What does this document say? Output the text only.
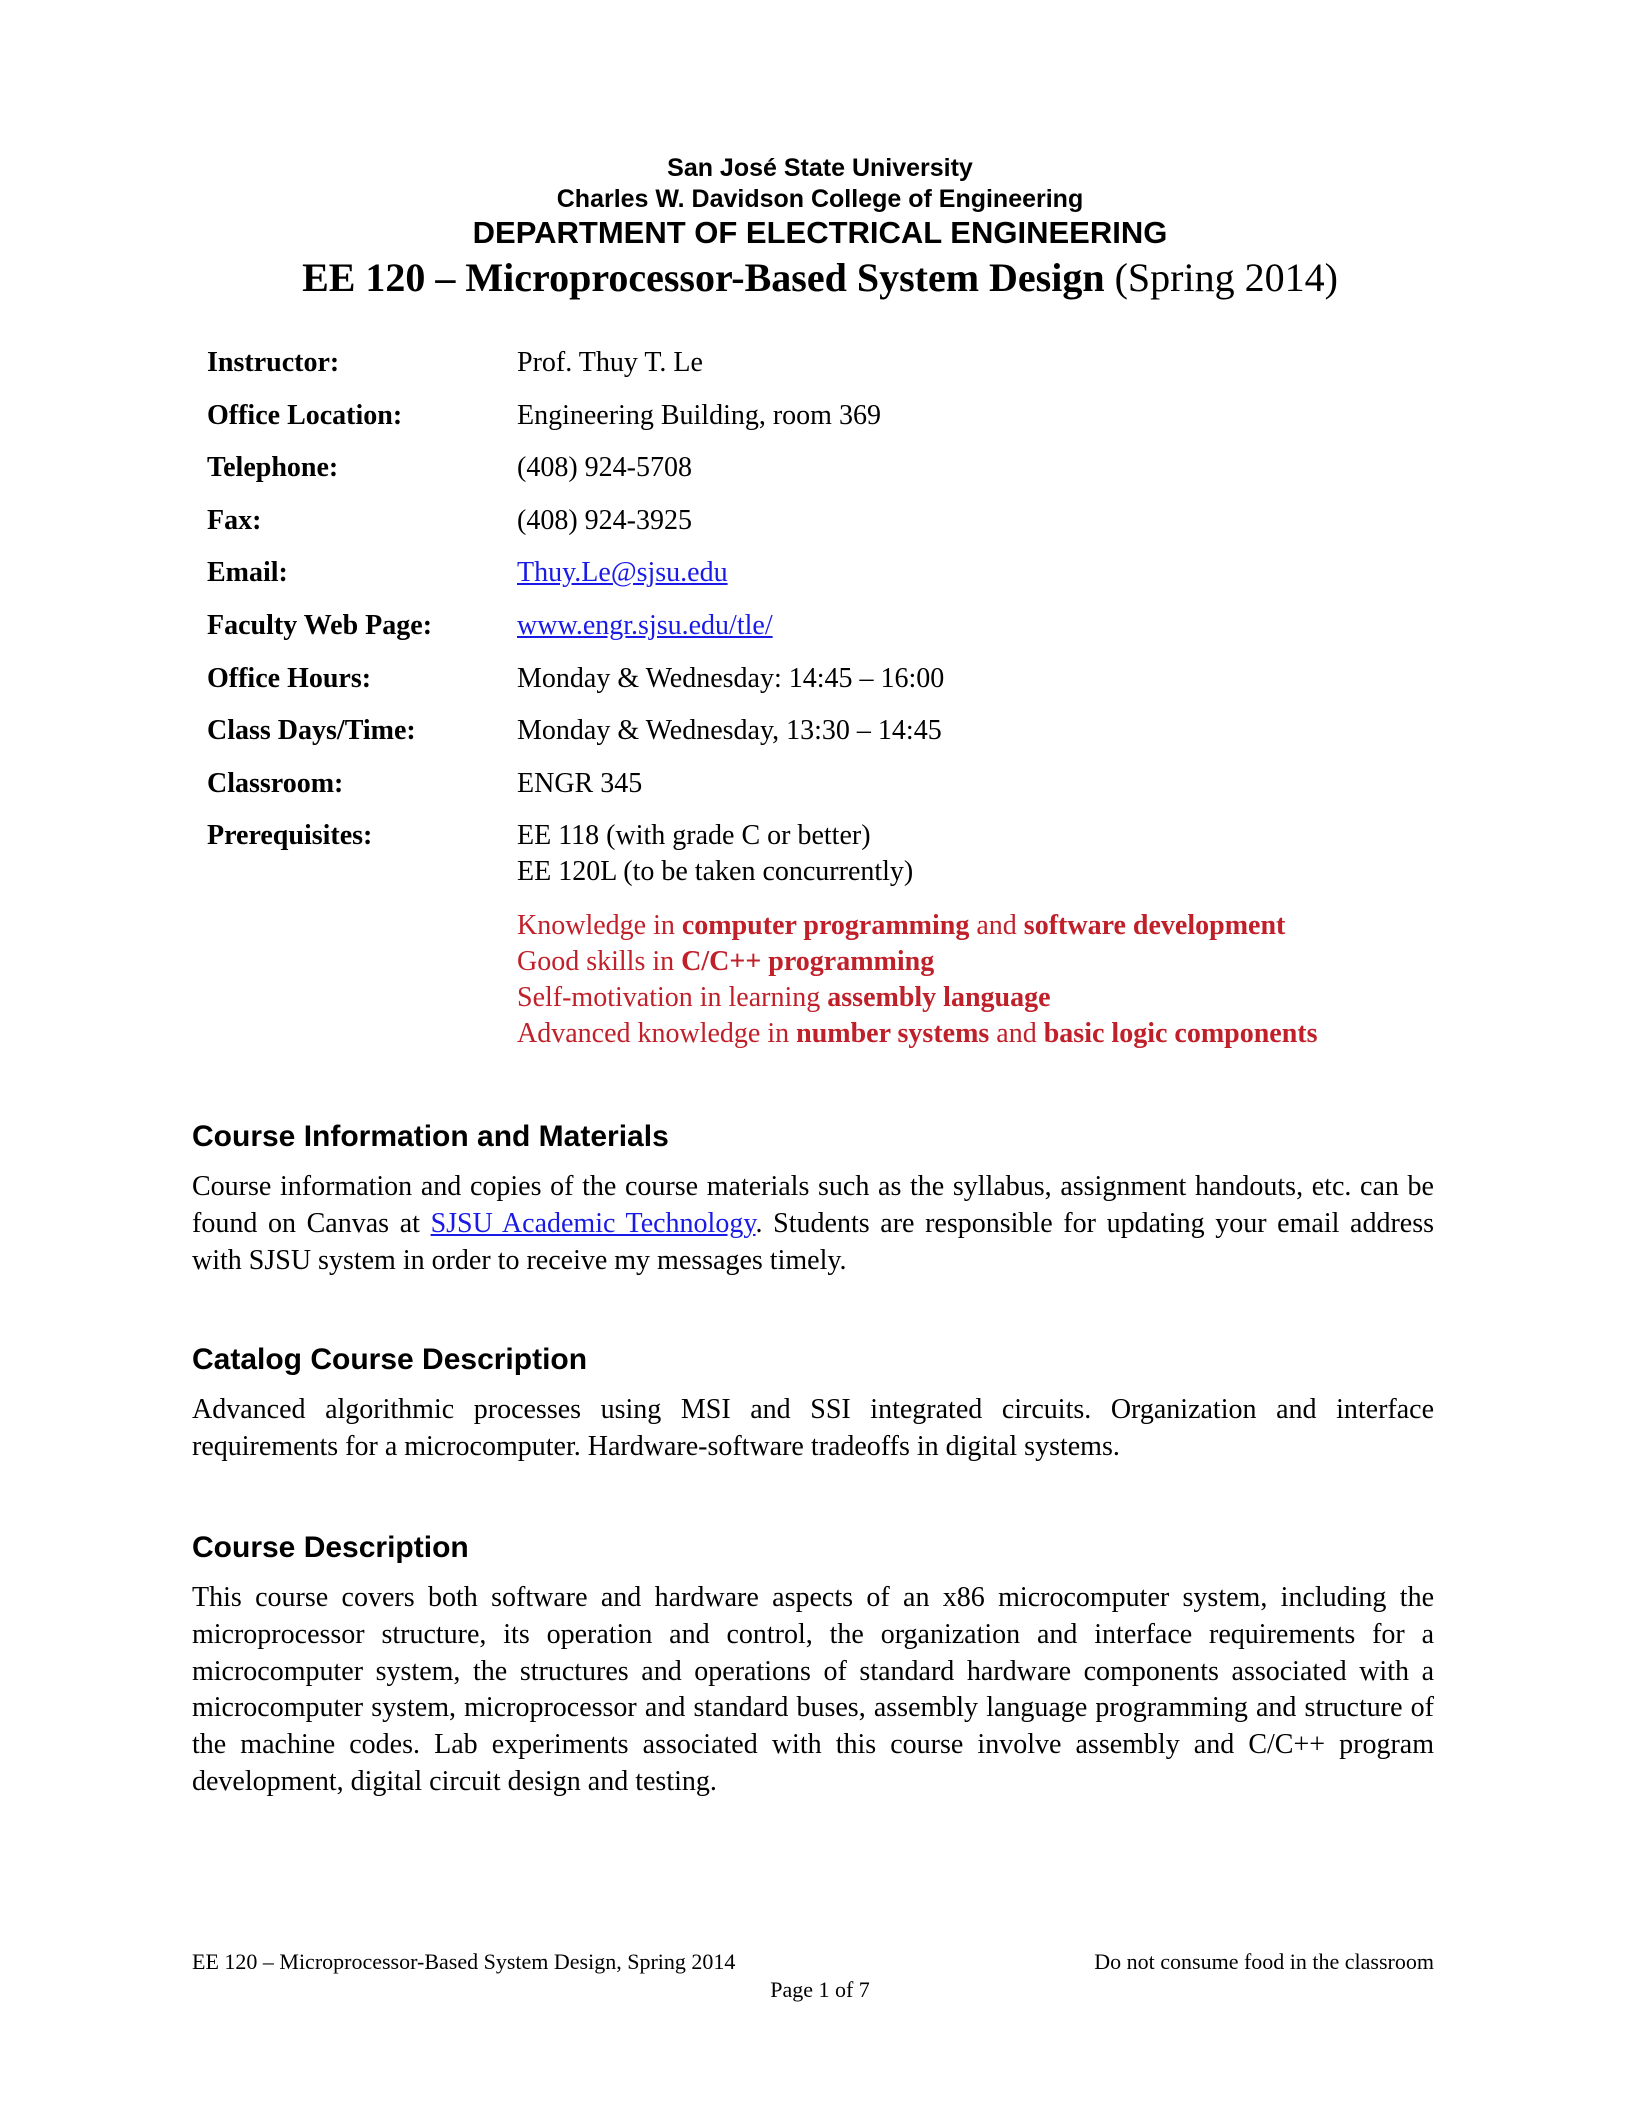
San José State University
Charles W. Davidson College of Engineering
DEPARTMENT OF ELECTRICAL ENGINEERING
EE 120 – Microprocessor-Based System Design (Spring 2014)
Instructor:	Prof. Thuy T. Le
Office Location:	Engineering Building, room 369
Telephone:	(408) 924-5708
Fax:	(408) 924-3925
Email:	Thuy.Le@sjsu.edu
Faculty Web Page:	www.engr.sjsu.edu/tle/
Office Hours:	Monday & Wednesday: 14:45 – 16:00
Class Days/Time:	Monday & Wednesday, 13:30 – 14:45
Classroom:	ENGR 345
Prerequisites:	EE 118 (with grade C or better)
EE 120L (to be taken concurrently)
Knowledge in computer programming and software development
Good skills in C/C++ programming
Self-motivation in learning assembly language
Advanced knowledge in number systems and basic logic components
Course Information and Materials

Course information and copies of the course materials such as the syllabus, assignment handouts, etc. can be found on Canvas at SJSU Academic Technology. Students are responsible for updating your email address with SJSU system in order to receive my messages timely.

Catalog Course Description

Advanced algorithmic processes using MSI and SSI integrated circuits. Organization and interface requirements for a microcomputer. Hardware-software tradeoffs in digital systems.

Course Description

This course covers both software and hardware aspects of an x86 microcomputer system, including the microprocessor structure, its operation and control, the organization and interface requirements for a microcomputer system, the structures and operations of standard hardware components associated with a microcomputer system, microprocessor and standard buses, assembly language programming and structure of the machine codes. Lab experiments associated with this course involve assembly and C/C++ program development, digital circuit design and testing.

EE 120 – Microprocessor-Based System Design, Spring 2014	Do not consume food in the classroom
Page 1 of 7
